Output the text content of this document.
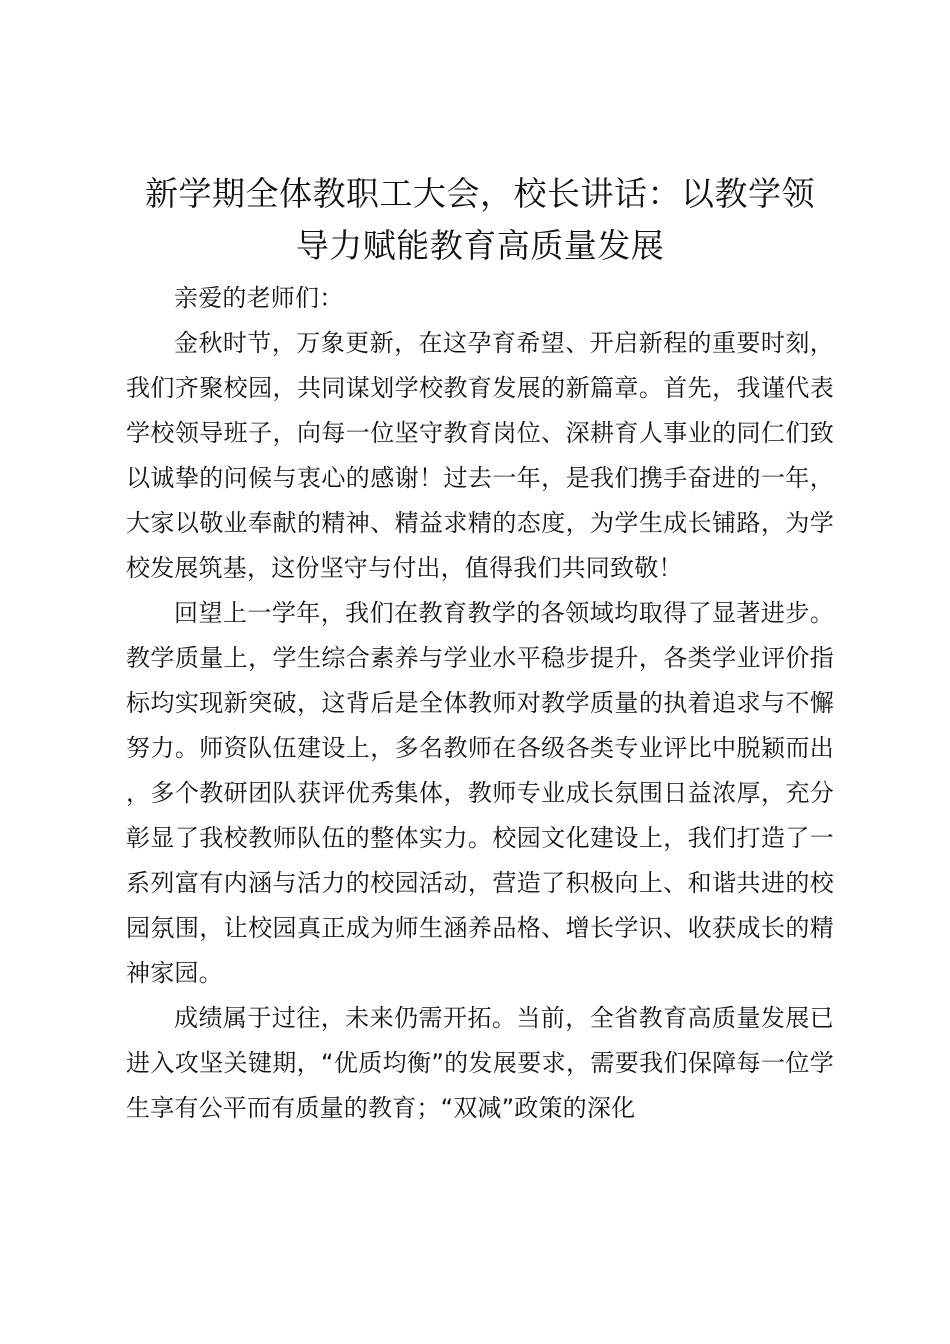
新学期全体教职工大会，校长讲话：以教学领
导力赋能教育高质量发展

亲爱的老师们：

金秋时节，万象更新，在这孕育希望、开启新程的重要时刻，我们齐聚校园，共同谋划学校教育发展的新篇章。首先，我谨代表学校领导班子，向每一位坚守教育岗位、深耕育人事业的同仁们致以诚挚的问候与衷心的感谢！过去一年，是我们携手奋进的一年，大家以敬业奉献的精神、精益求精的态度，为学生成长铺路，为学校发展筑基，这份坚守与付出，值得我们共同致敬！

回望上一学年，我们在教育教学的各领域均取得了显著进步。教学质量上，学生综合素养与学业水平稳步提升，各类学业评价指标均实现新突破，这背后是全体教师对教学质量的执着追求与不懈努力。师资队伍建设上，多名教师在各级各类专业评比中脱颖而出，多个教研团队获评优秀集体，教师专业成长氛围日益浓厚，充分彰显了我校教师队伍的整体实力。校园文化建设上，我们打造了一系列富有内涵与活力的校园活动，营造了积极向上、和谐共进的校园氛围，让校园真正成为师生涵养品格、增长学识、收获成长的精神家园。

成绩属于过往，未来仍需开拓。当前，全省教育高质量发展已进入攻坚关键期，“优质均衡”的发展要求，需要我们保障每一位学生享有公平而有质量的教育；“双减”政策的深化
